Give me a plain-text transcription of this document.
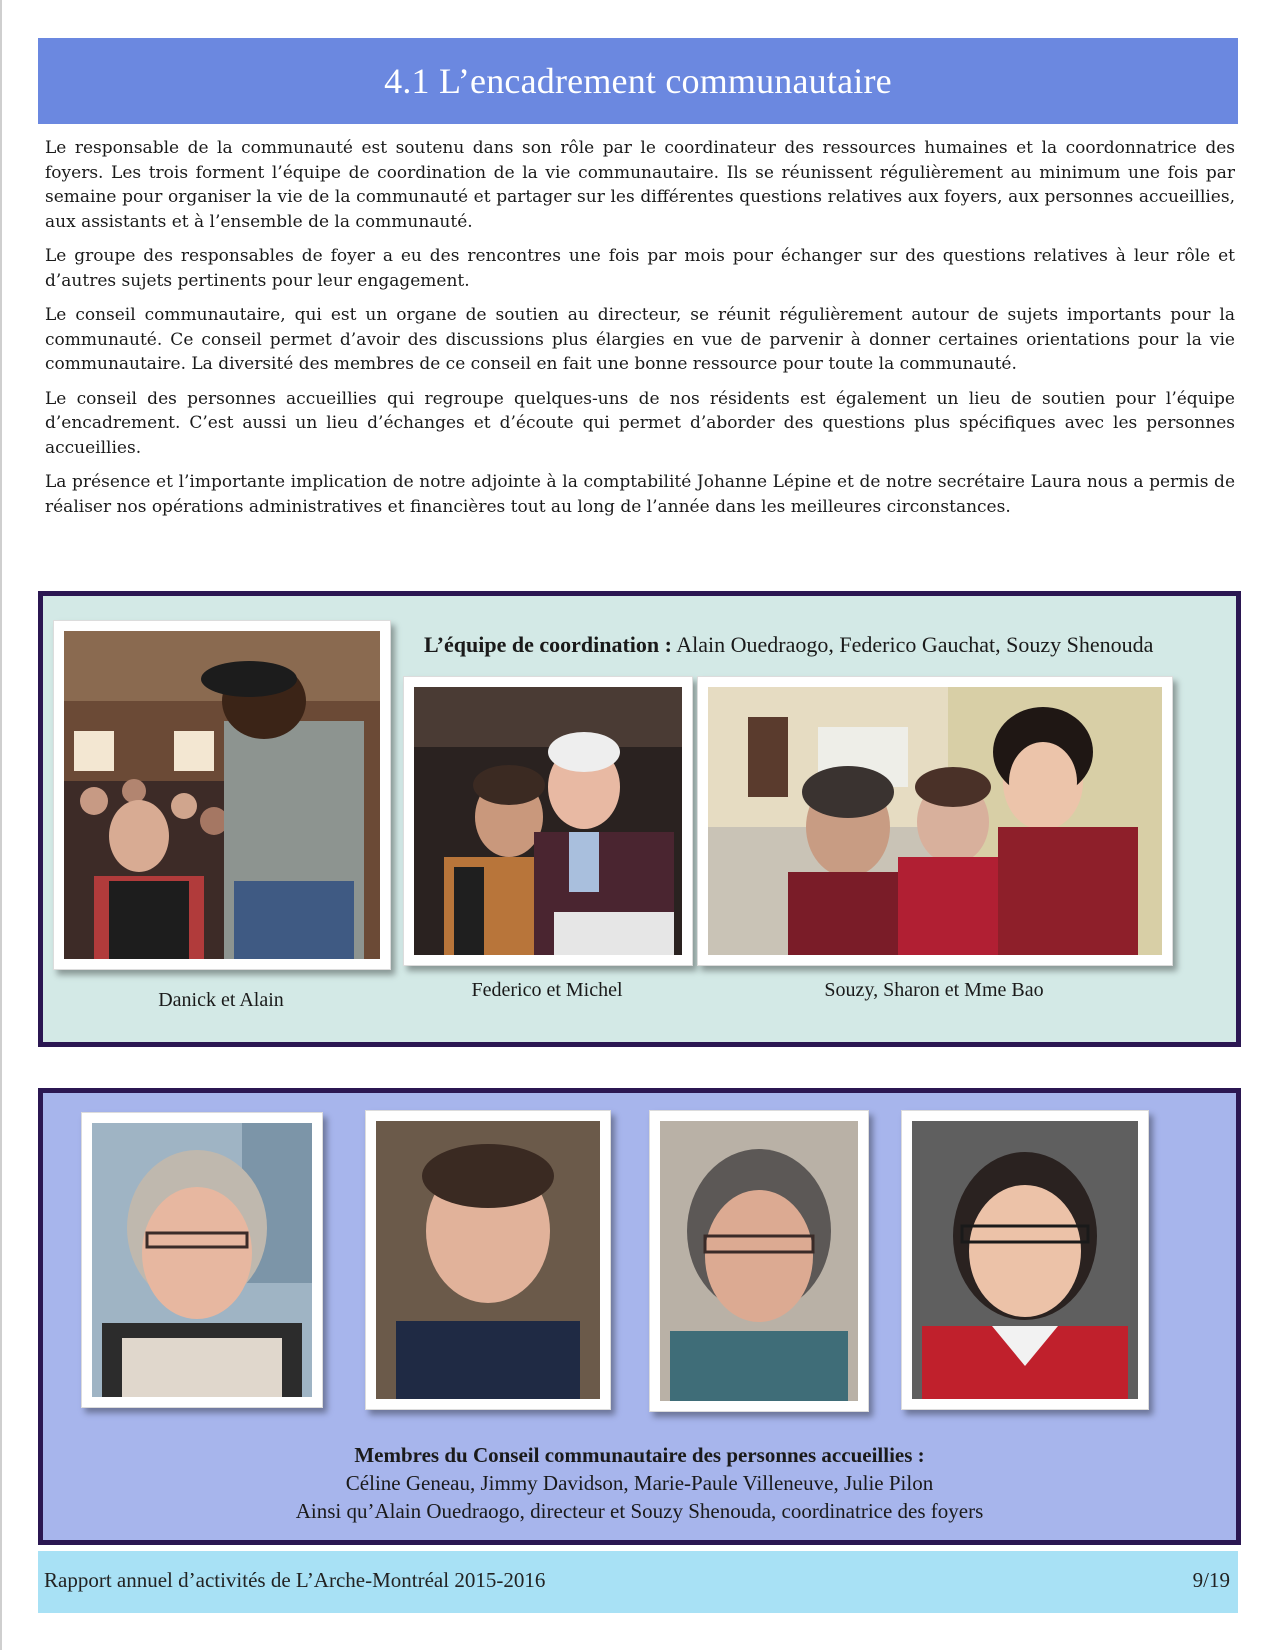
4.1 L’encadrement communautaire

Le responsable de la communauté est soutenu dans son rôle par le coordinateur des ressources humaines et la coordonnatrice des foyers. Les trois forment l’équipe de coordination de la vie communautaire. Ils se réunissent régulièrement au minimum une fois par semaine pour organiser la vie de la communauté et partager sur les différentes questions relatives aux foyers, aux personnes accueillies, aux assistants et à l’ensemble de la communauté.

Le groupe des responsables de foyer a eu des rencontres une fois par mois pour échanger sur des questions relatives à leur rôle et d’autres sujets pertinents pour leur engagement.

Le conseil communautaire, qui est un organe de soutien au directeur, se réunit régulièrement autour de sujets importants pour la communauté. Ce conseil permet d’avoir des discussions plus élargies en vue de parvenir à donner certaines orientations pour la vie communautaire. La diversité des membres de ce conseil en fait une bonne ressource pour toute la communauté.

Le conseil des personnes accueillies qui regroupe quelques-uns de nos résidents est également un lieu de soutien pour l’équipe d’encadrement. C’est aussi un lieu d’échanges et d’écoute qui permet d’aborder des questions plus spécifiques avec les personnes accueillies.

La présence et l’importante implication de notre adjointe à la comptabilité Johanne Lépine et de notre secrétaire Laura nous a permis de réaliser nos opérations administratives et financières tout au long de l’année dans les meilleures circonstances.

L’équipe de coordination : Alain Ouedraogo, Federico Gauchat, Souzy Shenouda
Danick et Alain	Federico et Michel	Souzy, Sharon et Mme Bao
Membres du Conseil communautaire des personnes accueillies :
Céline Geneau, Jimmy Davidson, Marie-Paule Villeneuve, Julie Pilon
Ainsi qu’Alain Ouedraogo, directeur et Souzy Shenouda, coordinatrice des foyers
Rapport annuel d’activités de L’Arche-Montréal 2015-2016	9/19
